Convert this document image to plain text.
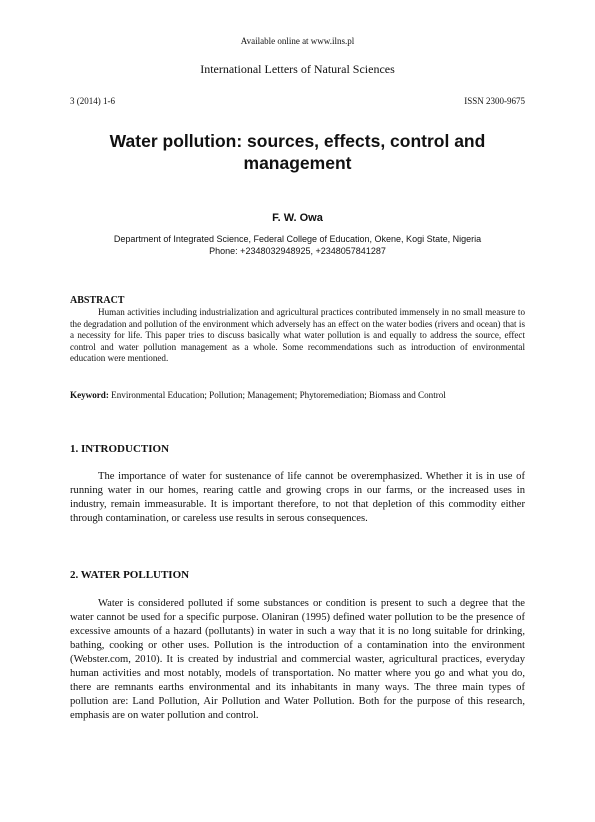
Available online at www.ilns.pl
International Letters of Natural Sciences
3 (2014) 1-6	ISSN 2300-9675
Water pollution: sources, effects, control and management
F. W. Owa
Department of Integrated Science, Federal College of Education, Okene, Kogi State, Nigeria
Phone: +2348032948925, +2348057841287
ABSTRACT
Human activities including industrialization and agricultural practices contributed immensely in no small measure to the degradation and pollution of the environment which adversely has an effect on the water bodies (rivers and ocean) that is a necessity for life. This paper tries to discuss basically what water pollution is and equally to address the source, effect control and water pollution management as a whole. Some recommendations such as introduction of environmental education were mentioned.
Keyword: Environmental Education; Pollution; Management; Phytoremediation; Biomass and Control
1. INTRODUCTION
The importance of water for sustenance of life cannot be overemphasized. Whether it is in use of running water in our homes, rearing cattle and growing crops in our farms, or the increased uses in industry, remain immeasurable. It is important therefore, to not that depletion of this commodity either through contamination, or careless use results in serous consequences.
2. WATER POLLUTION
Water is considered polluted if some substances or condition is present to such a degree that the water cannot be used for a specific purpose. Olaniran (1995) defined water pollution to be the presence of excessive amounts of a hazard (pollutants) in water in such a way that it is no long suitable for drinking, bathing, cooking or other uses. Pollution is the introduction of a contamination into the environment (Webster.com, 2010). It is created by industrial and commercial waster, agricultural practices, everyday human activities and most notably, models of transportation. No matter where you go and what you do, there are remnants earths environmental and its inhabitants in many ways. The three main types of pollution are: Land Pollution, Air Pollution and Water Pollution. Both for the purpose of this research, emphasis are on water pollution and control.
